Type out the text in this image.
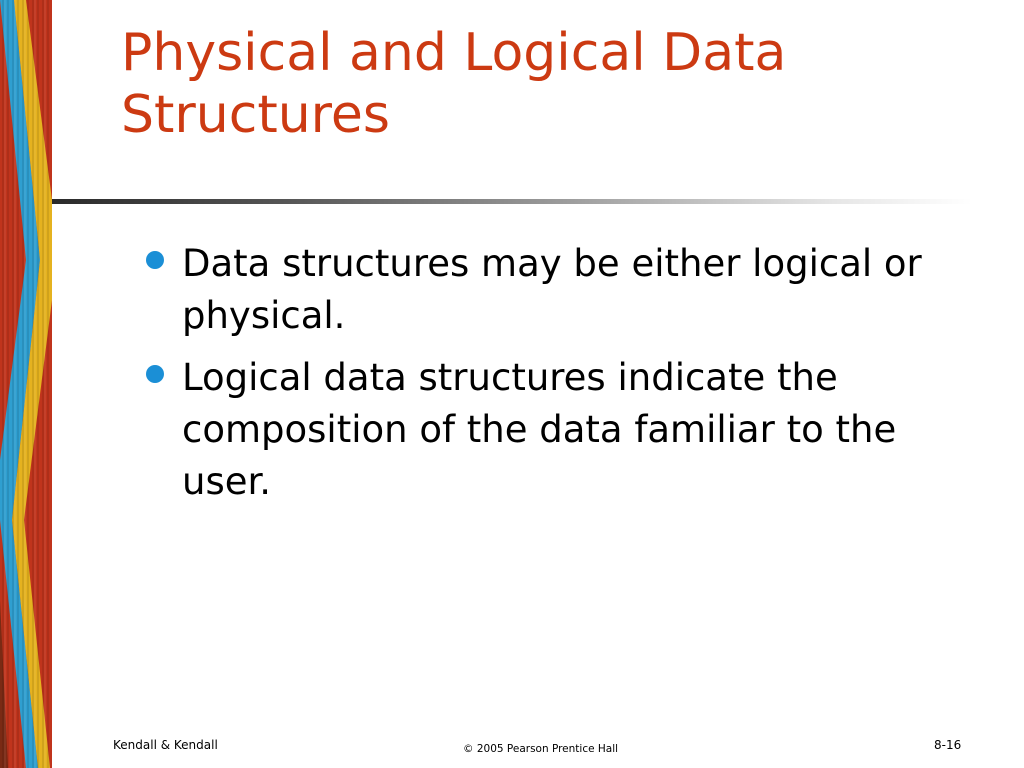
Physical and Logical Data Structures
Data structures may be either logical or physical.
Logical data structures indicate the composition of the data familiar to the user.
Kendall & Kendall	© 2005 Pearson Prentice Hall	8-16
